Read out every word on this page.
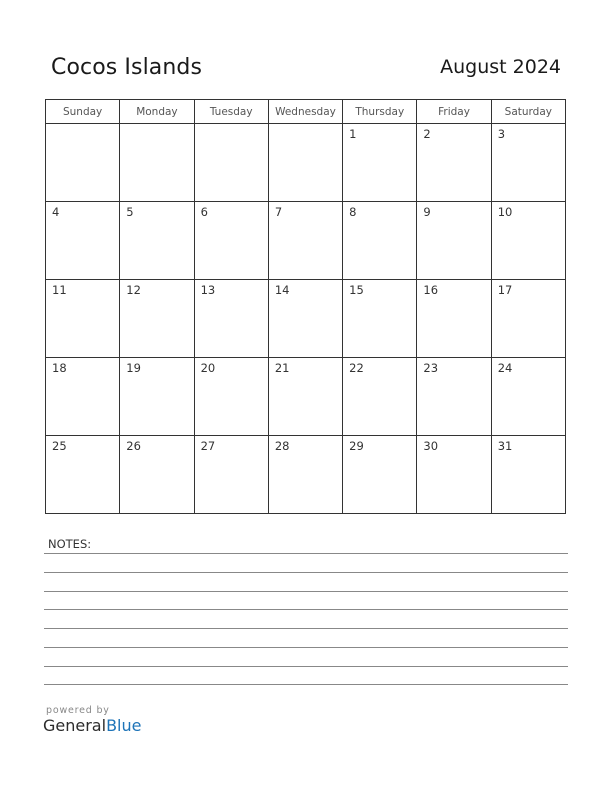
Cocos Islands	August 2024
Sunday	Monday	Tuesday	Wednesday	Thursday	Friday	Saturday

				1	2	3

4	5	6	7	8	9	10

11	12	13	14	15	16	17

18	19	20	21	22	23	24

25	26	27	28	29	30	31
NOTES:
powered by
GeneralBlue
